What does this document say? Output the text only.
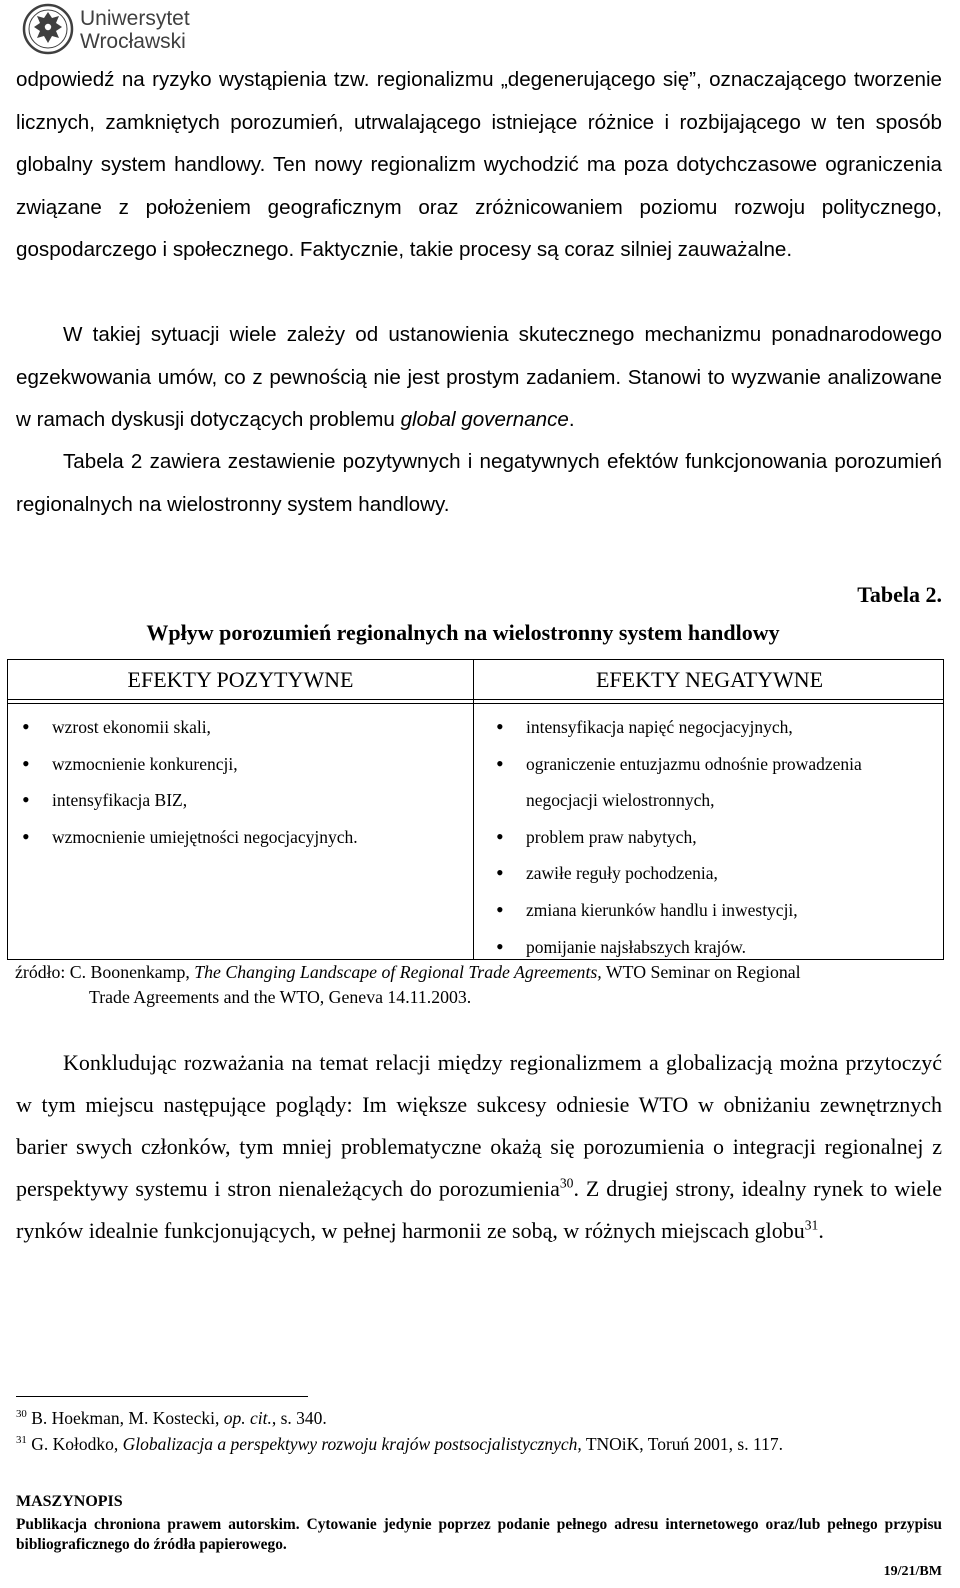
Uniwersytet
Wrocławski
odpowiedź na ryzyko wystąpienia tzw. regionalizmu „degenerującego się”, oznaczającego tworzenie licznych, zamkniętych porozumień, utrwalającego istniejące różnice i rozbijającego w ten sposób globalny system handlowy. Ten nowy regionalizm wychodzić ma poza dotychczasowe ograniczenia związane z położeniem geograficznym oraz zróżnicowaniem poziomu rozwoju politycznego, gospodarczego i społecznego. Faktycznie, takie procesy są coraz silniej zauważalne.
W takiej sytuacji wiele zależy od ustanowienia skutecznego mechanizmu ponadnarodowego egzekwowania umów, co z pewnością nie jest prostym zadaniem. Stanowi to wyzwanie analizowane w ramach dyskusji dotyczących problemu global governance.
Tabela 2 zawiera zestawienie pozytywnych i negatywnych efektów funkcjonowania porozumień regionalnych na wielostronny system handlowy.
Tabela 2.
Wpływ porozumień regionalnych na wielostronny system handlowy
EFEKTY POZYTYWNE	EFEKTY NEGATYWNE
• wzrost ekonomii skali,
• wzmocnienie konkurencji,
• intensyfikacja BIZ,
• wzmocnienie umiejętności negocjacyjnych.
• intensyfikacja napięć negocjacyjnych,
• ograniczenie entuzjazmu odnośnie prowadzenia
negocjacji wielostronnych,
• problem praw nabytych,
• zawiłe reguły pochodzenia,
• zmiana kierunków handlu i inwestycji,
• pomijanie najsłabszych krajów.
źródło: C. Boonenkamp, The Changing Landscape of Regional Trade Agreements, WTO Seminar on Regional
Trade Agreements and the WTO, Geneva 14.11.2003.
Konkludując rozważania na temat relacji między regionalizmem a globalizacją można przytoczyć w tym miejscu następujące poglądy: Im większe sukcesy odniesie WTO w obniżaniu zewnętrznych barier swych członków, tym mniej problematyczne okażą się porozumienia o integracji regionalnej z perspektywy systemu i stron nienależących do porozumienia$^{30}$. Z drugiej strony, idealny rynek to wiele rynków idealnie funkcjonujących, w pełnej harmonii ze sobą, w różnych miejscach globu$^{31}$.
$^{30}$ B. Hoekman, M. Kostecki, op. cit., s. 340.
$^{31}$ G. Kołodko, Globalizacja a perspektywy rozwoju krajów postsocjalistycznych, TNOiK, Toruń 2001, s. 117.
MASZYNOPIS
Publikacja chroniona prawem autorskim. Cytowanie jedynie poprzez podanie pełnego adresu internetowego oraz/lub pełnego przypisu bibliograficznego do źródła papierowego.
19/21/BM
